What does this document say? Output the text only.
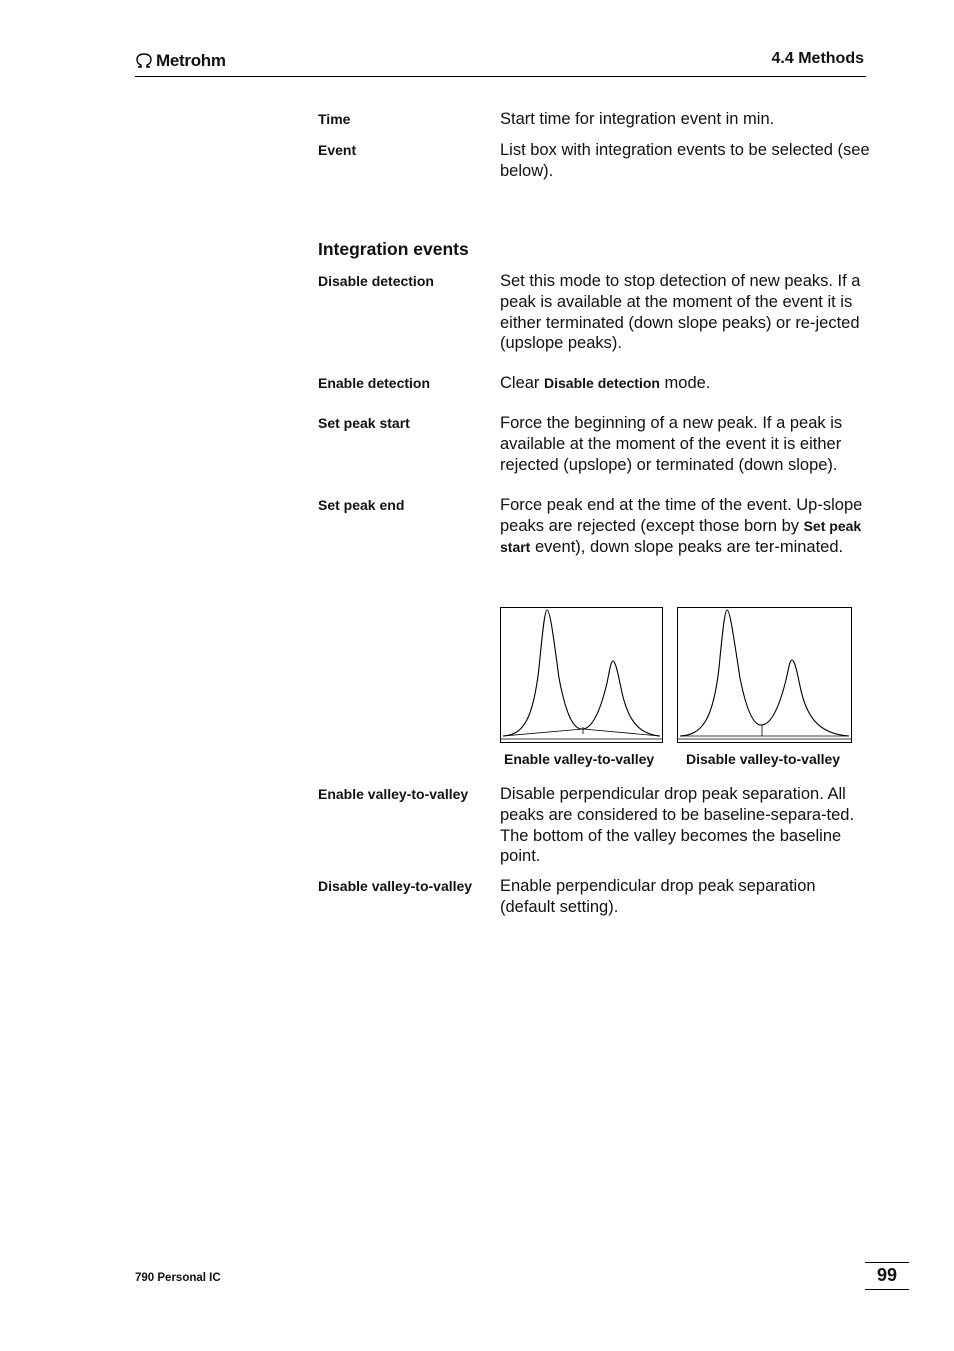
Metrohm	4.4 Methods
Time	Start time for integration event in min.
Event	List box with integration events to be selected (see below).
Integration events
Disable detection	Set this mode to stop detection of new peaks. If a peak is available at the moment of the event it is either terminated (down slope peaks) or re-jected (upslope peaks).
Enable detection	Clear Disable detection mode.
Set peak start	Force the beginning of a new peak. If a peak is available at the moment of the event it is either rejected (upslope) or terminated (down slope).
Set peak end	Force peak end at the time of the event. Up-slope peaks are rejected (except those born by Set peak start event), down slope peaks are ter-minated.
Enable valley-to-valley Disable valley-to-valley
Enable valley-to-valley	Disable perpendicular drop peak separation. All peaks are considered to be baseline-separa-ted. The bottom of the valley becomes the baseline point.
Disable valley-to-valley	Enable perpendicular drop peak separation (default setting).
790 Personal IC	99
